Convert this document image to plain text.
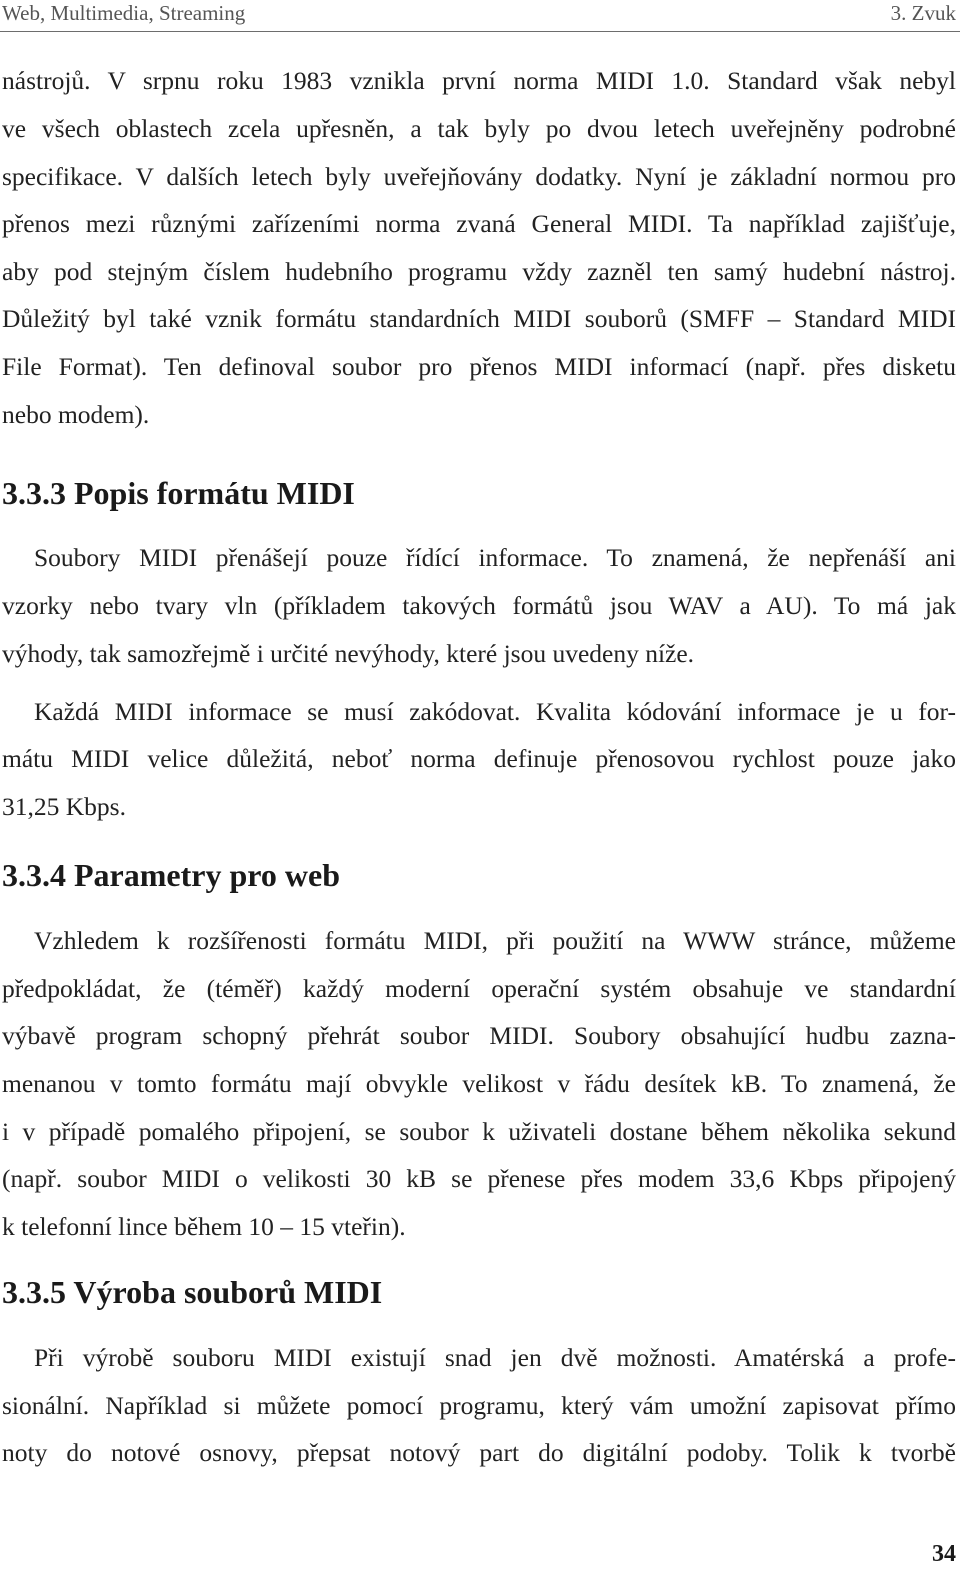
Web, Multimedia, Streaming	3. Zvuk
nástrojů. V srpnu roku 1983 vznikla první norma MIDI 1.0. Standard však nebyl
ve všech oblastech zcela upřesněn, a tak byly po dvou letech uveřejněny podrobné
specifikace. V dalších letech byly uveřejňovány dodatky. Nyní je základní normou pro
přenos mezi různými zařízeními norma zvaná General MIDI. Ta například zajišťuje,
aby pod stejným číslem hudebního programu vždy zazněl ten samý hudební nástroj.
Důležitý byl také vznik formátu standardních MIDI souborů (SMFF – Standard MIDI
File Format). Ten definoval soubor pro přenos MIDI informací (např. přes disketu
nebo modem).
3.3.3 Popis formátu MIDI
Soubory MIDI přenášejí pouze řídící informace. To znamená, že nepřenáší ani
vzorky nebo tvary vln (příkladem takových formátů jsou WAV a AU). To má jak
výhody, tak samozřejmě i určité nevýhody, které jsou uvedeny níže.
Každá MIDI informace se musí zakódovat. Kvalita kódování informace je u for-
mátu MIDI velice důležitá, neboť norma definuje přenosovou rychlost pouze jako
31,25 Kbps.
3.3.4 Parametry pro web
Vzhledem k rozšířenosti formátu MIDI, při použití na WWW stránce, můžeme
předpokládat, že (téměř) každý moderní operační systém obsahuje ve standardní
výbavě program schopný přehrát soubor MIDI. Soubory obsahující hudbu zazna-
menanou v tomto formátu mají obvykle velikost v řádu desítek kB. To znamená, že
i v případě pomalého připojení, se soubor k uživateli dostane během několika sekund
(např. soubor MIDI o velikosti 30 kB se přenese přes modem 33,6 Kbps připojený
k telefonní lince během 10 – 15 vteřin).
3.3.5 Výroba souborů MIDI
Při výrobě souboru MIDI existují snad jen dvě možnosti. Amatérská a profe-
sionální. Například si můžete pomocí programu, který vám umožní zapisovat přímo
noty do notové osnovy, přepsat notový part do digitální podoby. Tolik k tvorbě
34
